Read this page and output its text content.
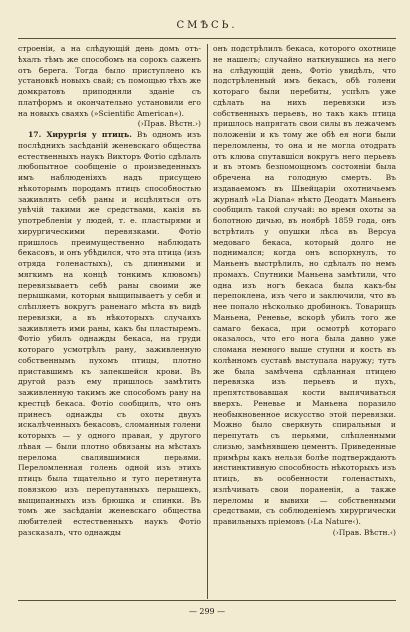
СМѢСЬ.

строеніи, а на слѣдующій день домъ отъ-ѣхалъ тѣмъ же способомъ на сорокъ саженъ отъ берега. Тогда было приступлено къ установкѣ новыхъ свай; съ помощью тѣхъ же домкратовъ приподняли зданіе съ платформъ и окончательно установили его на новыхъ сваяхъ (»Scientific American«).
(›Прав. Вѣстн.›)

17. Хирургія у птицъ. Въ одномъ изъ послѣднихъ засѣданій женевскаго общества естественныхъ наукъ Викторъ Фотіо сдѣлалъ любопытное сообщеніе о произведенныхъ имъ наблюденіяхъ надъ присущею нѣкоторымъ породамъ птицъ способностью заживлять себѣ раны и исцѣляться отъ увѣчій такими же средствами, какія въ употребленіи у людей, т. е. пластырями и хирургическими перевязками. Фотіо пришлось преимущественно наблюдать бекасовъ, и онъ убѣдился, что эта птица (изъ отряда голенастыхъ), съ длинными и мягкимъ на концѣ тонкимъ клювомъ) перевязываетъ себѣ раны своими же перышками, которыя выщипываетъ у себя и слѣпляетъ вокругъ раненаго мѣста въ видѣ перевязки, а въ нѣкоторыхъ случаяхъ заживляетъ ими раны, какъ бы пластыремъ. Фотіо убилъ однажды бекаса, на груди котораго усмотрѣлъ рану, заживленную собственнымъ пухомъ птицы, плотно приставшимъ къ запекшейся крови. Въ другой разъ ему пришлось замѣтить заживленную такимъ же способомъ рану на крестцѣ бекаса. Фотіо сообщилъ, что онъ принесъ однажды съ охоты двухъ искалѣченныхъ бекасовъ, сломанныя голени которыхъ — у одного правая, у другого лѣвая — были плотно обвязаны на мѣстахъ перелома свалявшимися перьями. Переломленная голень одной изъ этихъ птицъ была тщательно и туго перетянута повязкою изъ перепутанныхъ перышекъ, выщипанныхъ изъ брюшка и спинки. Въ томъ же засѣданіи женевскаго общества любителей естественныхъ наукъ Фотіо разсказалъ, что однажды

онъ подстрѣлилъ бекаса, которого охотнице не нашелъ; случайно наткнувшись на него на слѣдующій день, Фотіо увидѣлъ, что подстрѣленный имъ бекасъ, обѣ голени котораго были перебиты, успѣлъ уже сдѣлать на нихъ перевязки изъ собственныхъ перьевъ, но такъ какъ птица пришлось напрягать свои силы въ лежачемъ положеніи и къ тому же обѣ ея ноги были переломлены, то она и не могла отодрать отъ клюва спутавшіся вокругъ него перьевъ и въ этомъ безпомощномъ состояніи была обречена на голодную смерть. Въ издаваемомъ въ Швейцаріи охотничьемъ журналѣ »La Diana« нѣкто Деодатъ Маньенъ сообщилъ такой случай: во время охоты за болотною дичью, въ ноябрѣ 1859 года, онъ встрѣтилъ у опушки лѣса въ Версуа медоваго бекаса, который долго не поднимался; когда онъ вспорхнулъ, то Маньенъ выстрѣлилъ, но сдѣлалъ по немъ промахъ. Спутники Маньена замѣтили, что одна изъ ногъ бекаса была какъ-бы перепоклена, изъ чего и заключили, что въ нее попало нѣсколько дробинокъ. Товарищъ Маньена, Реневье, вскорѣ убилъ того же самаго бекаса, при осмотрѣ котораго оказалось, что его нога была давно уже сломана немного выше ступни и кость въ колѣнномъ суставѣ выступала наружу; тутъ же была замѣчена сдѣланная птицею перевязка изъ перьевъ и пухъ, препятствовавшая кости выпячиваться вверхъ. Реневье и Маньена поразило необыкновенное искусство этой перевязки. Можно было сверкнуть спиральныя и перепутать съ перьями, слѣпленными слизью, замѣнявшею цементъ. Приведенные примѣры какъ нельзя болѣе подтверждаютъ инстинктивную способность нѣкоторыхъ изъ птицъ, въ особенности голенастыхъ, излѣчивать свои пораненія, а также переломы и вывихи — собственными средствами, съ соблюденіемъ хирургически правильныхъ пріемовъ (›La Nature‹).
(›Прав. Вѣстн.‹)

— 299 —
